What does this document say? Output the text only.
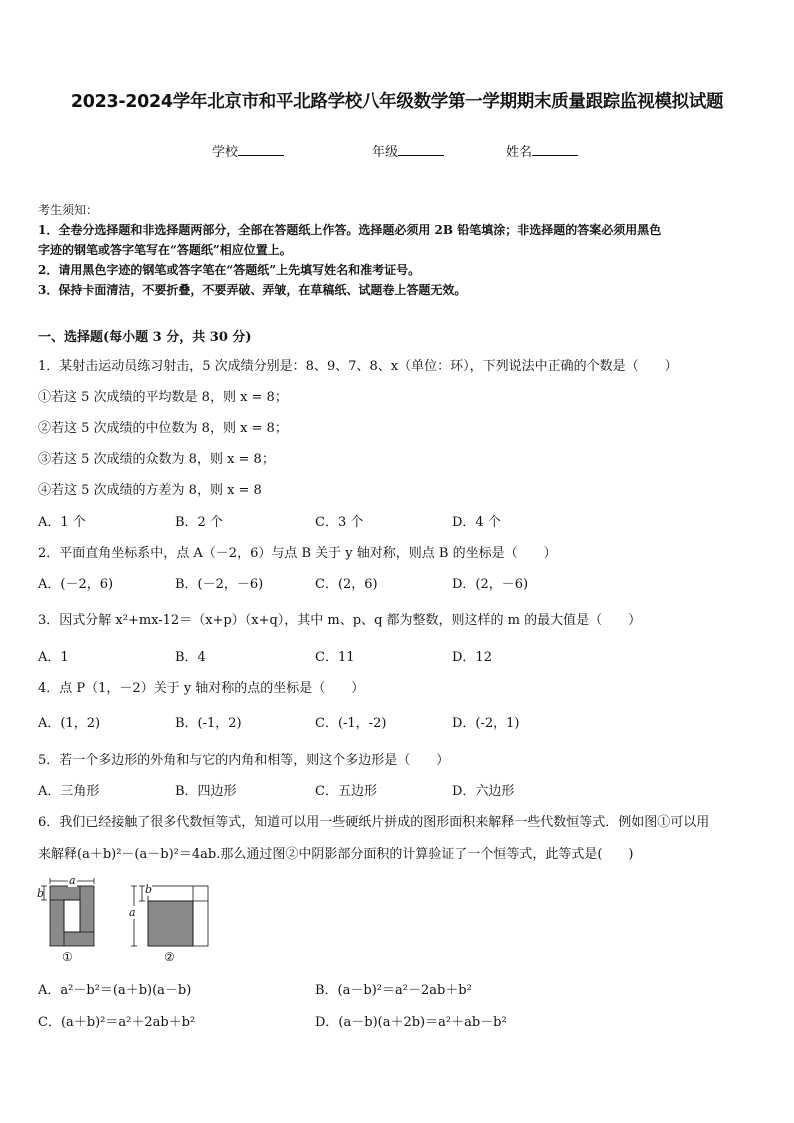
2023-2024学年北京市和平北路学校八年级数学第一学期期末质量跟踪监视模拟试题
学校	年级	姓名
考生须知：
1．全卷分选择题和非选择题两部分，全部在答题纸上作答。选择题必须用 2B 铅笔填涂；非选择题的答案必须用黑色
字迹的钢笔或答字笔写在“答题纸”相应位置上。
2．请用黑色字迹的钢笔或答字笔在“答题纸”上先填写姓名和准考证号。
3．保持卡面清洁，不要折叠，不要弄破、弄皱，在草稿纸、试题卷上答题无效。
一、选择题(每小题 3 分，共 30 分)
1．某射击运动员练习射击，5 次成绩分别是：8、9、7、8、x（单位：环），下列说法中正确的个数是（　　）
①若这 5 次成绩的平均数是 8，则 x = 8；
②若这 5 次成绩的中位数为 8，则 x = 8；
③若这 5 次成绩的众数为 8，则 x = 8；
④若这 5 次成绩的方差为 8，则 x = 8
A．1 个	B．2 个	C．3 个	D．4 个
2．平面直角坐标系中，点 A（－2，6）与点 B 关于 y 轴对称，则点 B 的坐标是（　　）
A．(－2，6)	B．(－2，－6)	C．(2，6)	D．(2，－6)
3．因式分解 x²+mx-12＝（x+p）（x+q），其中 m、p、q 都为整数，则这样的 m 的最大值是（　　）
A．1	B．4	C．11	D．12
4．点 P（1，－2）关于 y 轴对称的点的坐标是（　　）
A．(1，2)	B．(-1，2)	C．(-1，-2)	D．(-2，1)
5．若一个多边形的外角和与它的内角和相等，则这个多边形是（　　）
A．三角形	B．四边形	C．五边形	D．六边形
6．我们已经接触了很多代数恒等式，知道可以用一些硬纸片拼成的图形面积来解释一些代数恒等式．例如图①可以用
来解释(a＋b)²－(a－b)²＝4ab.那么通过图②中阴影部分面积的计算验证了一个恒等式，此等式是(　　)
a
b
①
a
b
②
A．a²－b²＝(a＋b)(a－b)	B．(a－b)²＝a²－2ab＋b²
C．(a＋b)²＝a²＋2ab＋b²	D．(a－b)(a＋2b)＝a²＋ab－b²
